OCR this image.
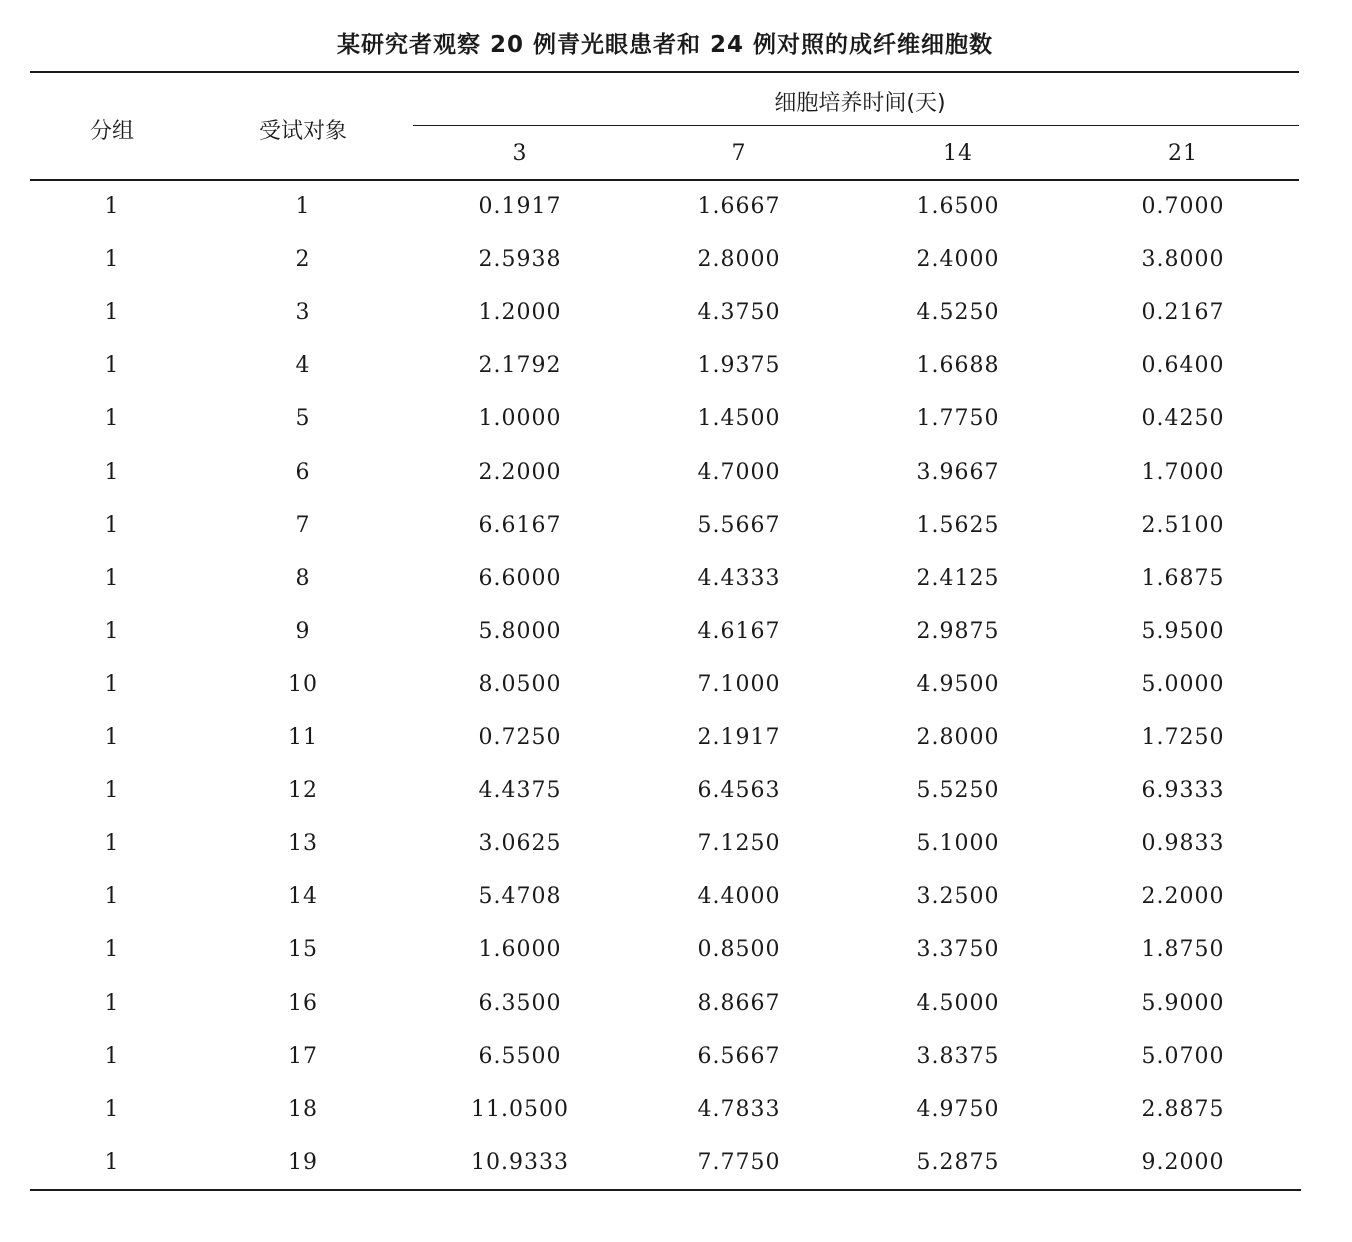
某研究者观察 20 例青光眼患者和 24 例对照的成纤维细胞数
分组	受试对象
细胞培养时间(天)
3	7	14	21
1	1	0.1917	1.6667	1.6500	0.7000
1	2	2.5938	2.8000	2.4000	3.8000
1	3	1.2000	4.3750	4.5250	0.2167
1	4	2.1792	1.9375	1.6688	0.6400
1	5	1.0000	1.4500	1.7750	0.4250
1	6	2.2000	4.7000	3.9667	1.7000
1	7	6.6167	5.5667	1.5625	2.5100
1	8	6.6000	4.4333	2.4125	1.6875
1	9	5.8000	4.6167	2.9875	5.9500
1	10	8.0500	7.1000	4.9500	5.0000
1	11	0.7250	2.1917	2.8000	1.7250
1	12	4.4375	6.4563	5.5250	6.9333
1	13	3.0625	7.1250	5.1000	0.9833
1	14	5.4708	4.4000	3.2500	2.2000
1	15	1.6000	0.8500	3.3750	1.8750
1	16	6.3500	8.8667	4.5000	5.9000
1	17	6.5500	6.5667	3.8375	5.0700
1	18	11.0500	4.7833	4.9750	2.8875
1	19	10.9333	7.7750	5.2875	9.2000
